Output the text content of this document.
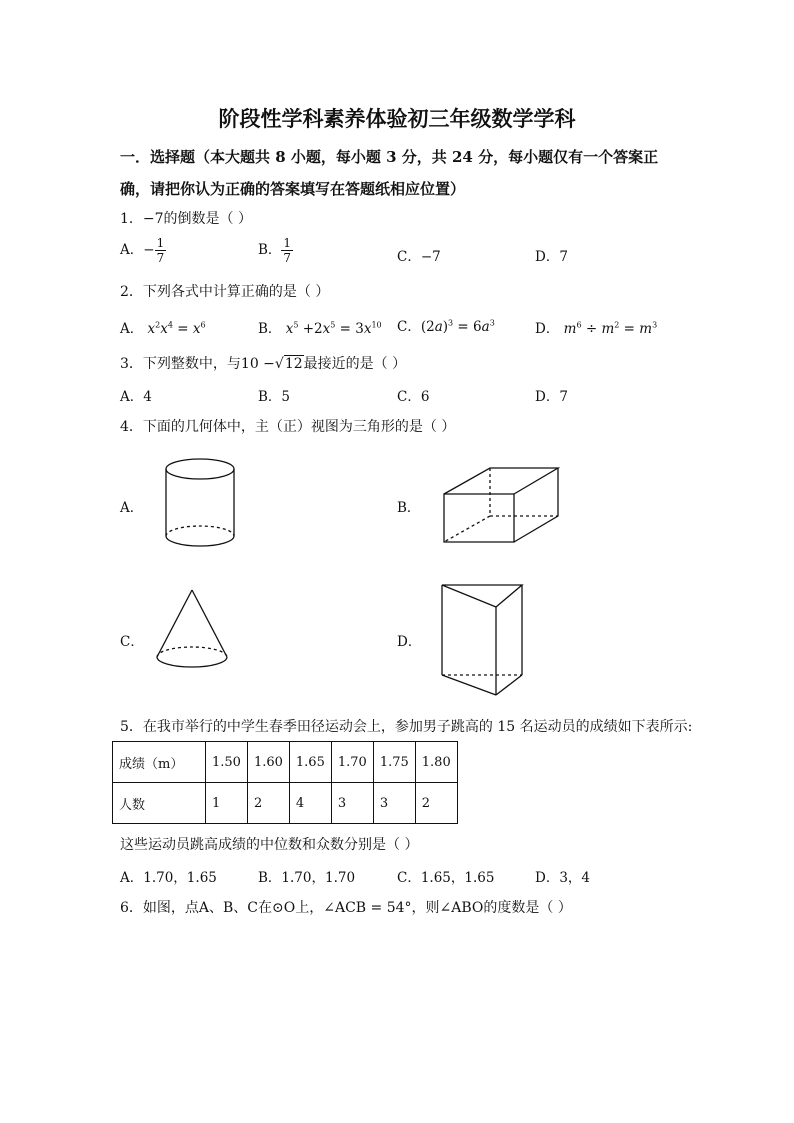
阶段性学科素养体验初三年级数学学科
一．选择题（本大题共 8 小题，每小题 3 分，共 24 分，每小题仅有一个答案正
确，请把你认为正确的答案填写在答题纸相应位置）
1．−7的倒数是（ ）
A．− $\frac{1}{7}$	B． $\frac{1}{7}$	C．−7	D．7
2．下列各式中计算正确的是（ ）
A． $x^2x^4 = x^6$	B． $x^5 +2x^5 = 3x^{10}$ C．$(2a)^3 = 6a^3$	D． $m^6 \div m^2 = m^3$
3．下列整数中，与10 −√12最接近的是（ ）
A．4	B．5	C．6	D．7
4．下面的几何体中，主（正）视图为三角形的是（ ）
A．	B．
C．	D．
5．在我市举行的中学生春季田径运动会上，参加男子跳高的 15 名运动员的成绩如下表所示:
成绩（m）	1.50	1.60	1.65	1.70	1.75	1.80
人数	1	2	4	3	3	2
这些运动员跳高成绩的中位数和众数分别是（ ）
A．1.70，1.65	B．1.70，1.70	C．1.65，1.65	D．3，4
6．如图，点A、B、C在⊙O上，∠ACB = 54°，则∠ABO的度数是（ ）
